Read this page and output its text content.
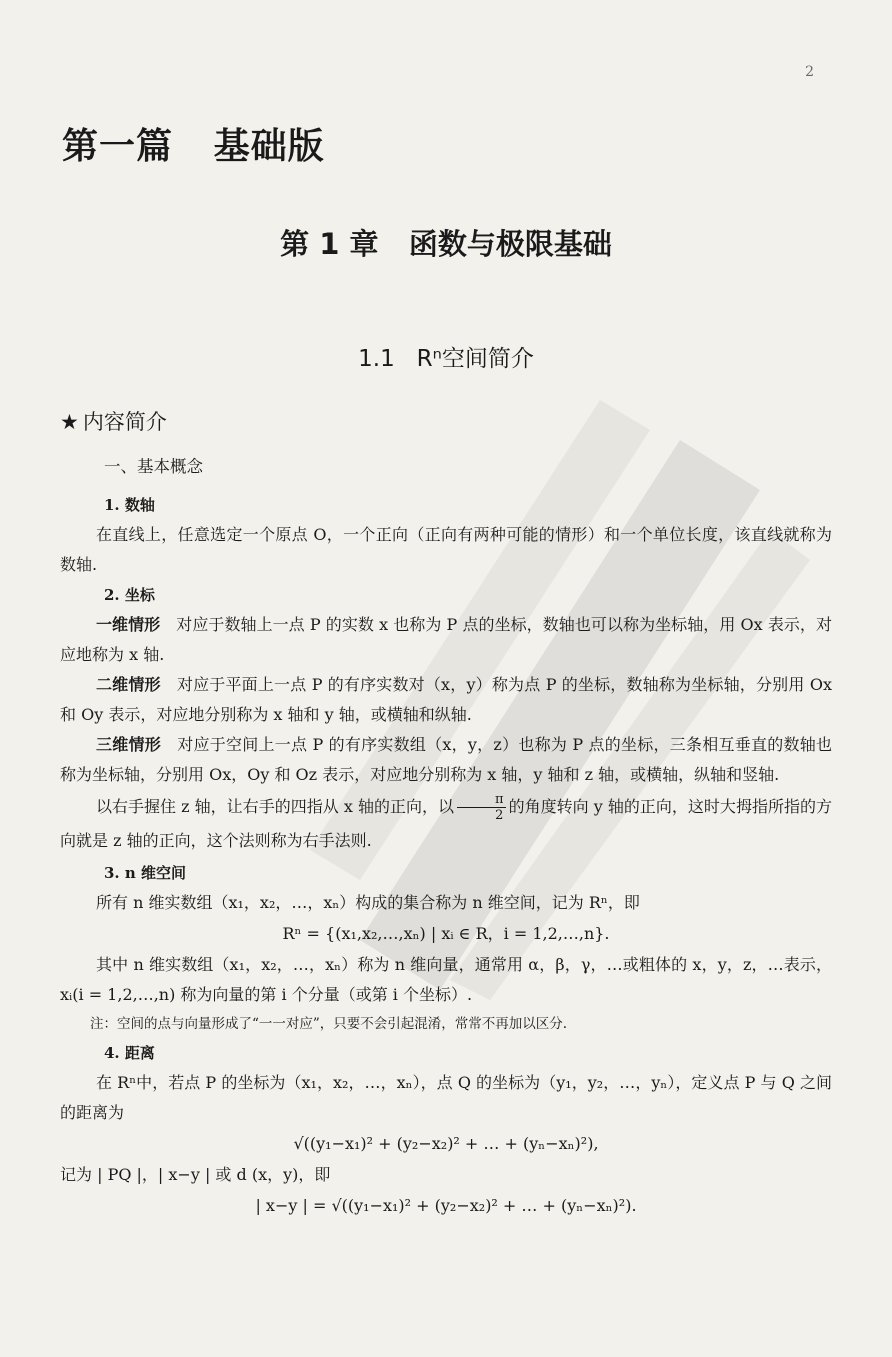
2
第一篇   基础版
第 1 章   函数与极限基础
1.1   Rⁿ空间简介
★ 内容简介

一、基本概念

1. 数轴

在直线上，任意选定一个原点 O，一个正向（正向有两种可能的情形）和一个单位长度，该直线就称为数轴.

2. 坐标

一维情形　 对应于数轴上一点 P 的实数 x 也称为 P 点的坐标，数轴也可以称为坐标轴，用 Ox 表示，对应地称为 x 轴.

二维情形　 对应于平面上一点 P 的有序实数对（x，y）称为点 P 的坐标，数轴称为坐标轴，分别用 Ox 和 Oy 表示，对应地分别称为 x 轴和 y 轴，或横轴和纵轴.

三维情形　 对应于空间上一点 P 的有序实数组（x，y，z）也称为 P 点的坐标，三条相互垂直的数轴也称为坐标轴，分别用 Ox，Oy 和 Oz 表示，对应地分别称为 x 轴，y 轴和 z 轴，或横轴，纵轴和竖轴.

以右手握住 z 轴，让右手的四指从 x 轴的正向，以 $\frac{\pi}{2}$ 的角度转向 y 轴的正向，这时大拇指所指的方向就是 z 轴的正向，这个法则称为右手法则.

3. n 维空间

所有 n 维实数组（x₁，x₂，…，xₙ）构成的集合称为 n 维空间，记为 Rⁿ，即

Rⁿ = {(x₁,x₂,…,xₙ) | xᵢ ∈ R，i = 1,2,…,n}.

其中 n 维实数组（x₁，x₂，…，xₙ）称为 n 维向量，通常用 α，β，γ，…或粗体的 x，y，z，…表示，xᵢ(i = 1,2,…,n) 称为向量的第 i 个分量（或第 i 个坐标）.

注：空间的点与向量形成了“一一对应”，只要不会引起混淆，常常不再加以区分.

4. 距离

在 Rⁿ中，若点 P 的坐标为（x₁，x₂，…，xₙ），点 Q 的坐标为（y₁，y₂，…，yₙ），定义点 P 与 Q 之间的距离为

√((y₁−x₁)² + (y₂−x₂)² + … + (yₙ−xₙ)²),

记为 | PQ |，| x−y | 或 d (x，y)，即

| x−y | = √((y₁−x₁)² + (y₂−x₂)² + … + (yₙ−xₙ)²).
